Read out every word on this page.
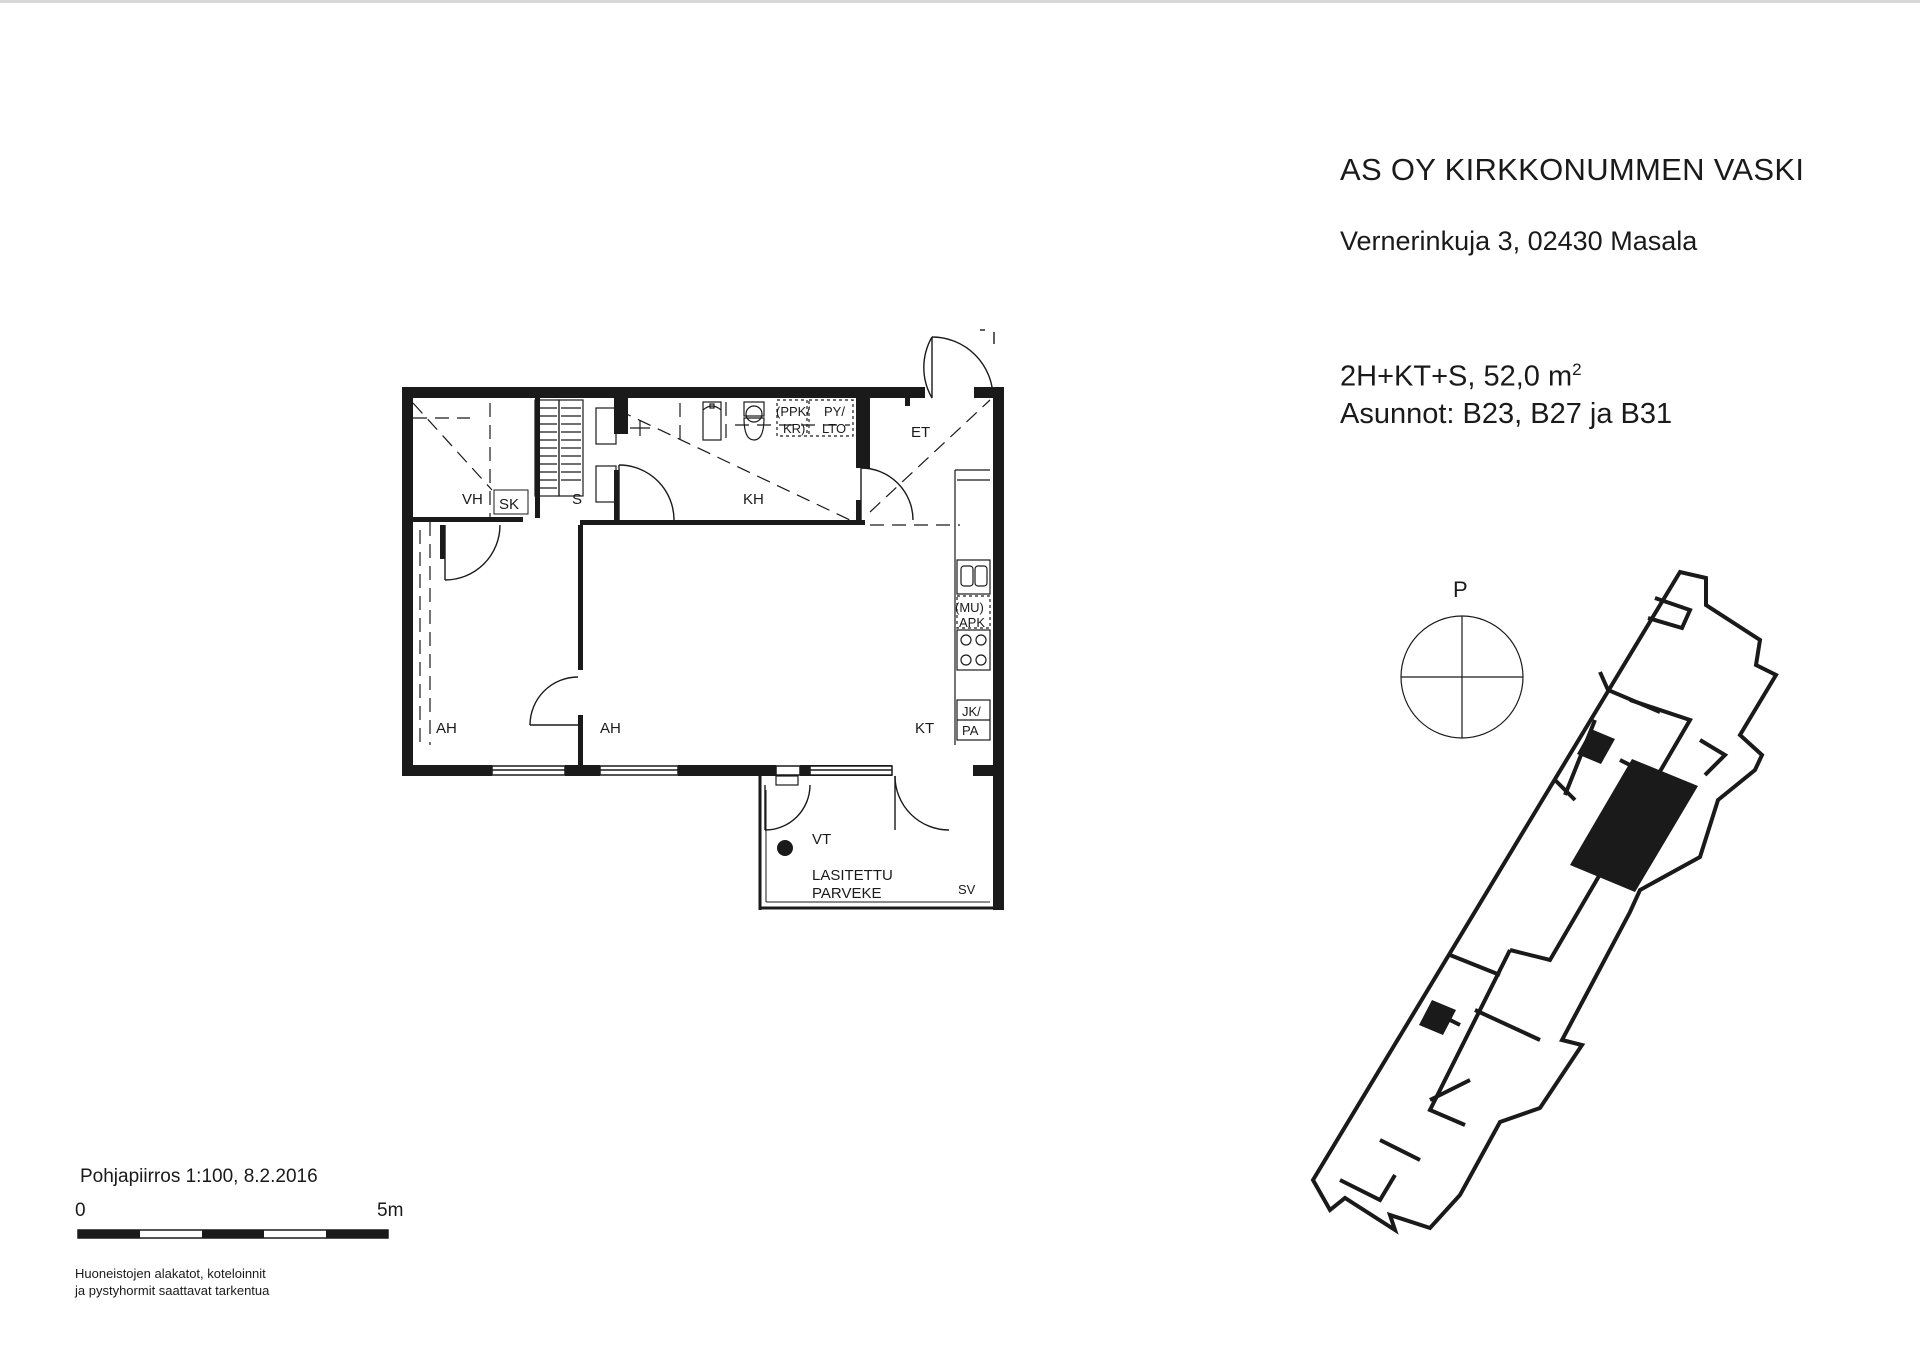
AS OY KIRKKONUMMEN VASKI
Vernerinkuja 3, 02430 Masala
2H+KT+S, 52,0 $m^2$
Asunnot: B23, B27 ja B31
VH SK	S	KH
ET
AH	AH	KT
VT
LASITETTU
PARVEKE	SV
(PPK/
KR)
PY/
LTO
(MU)
APK
JK/
PA
P
Pohjapiirros 1:100, 8.2.2016
0	5m
Huoneistojen alakatot, koteloinnit
ja pystyhormit saattavat tarkentua
